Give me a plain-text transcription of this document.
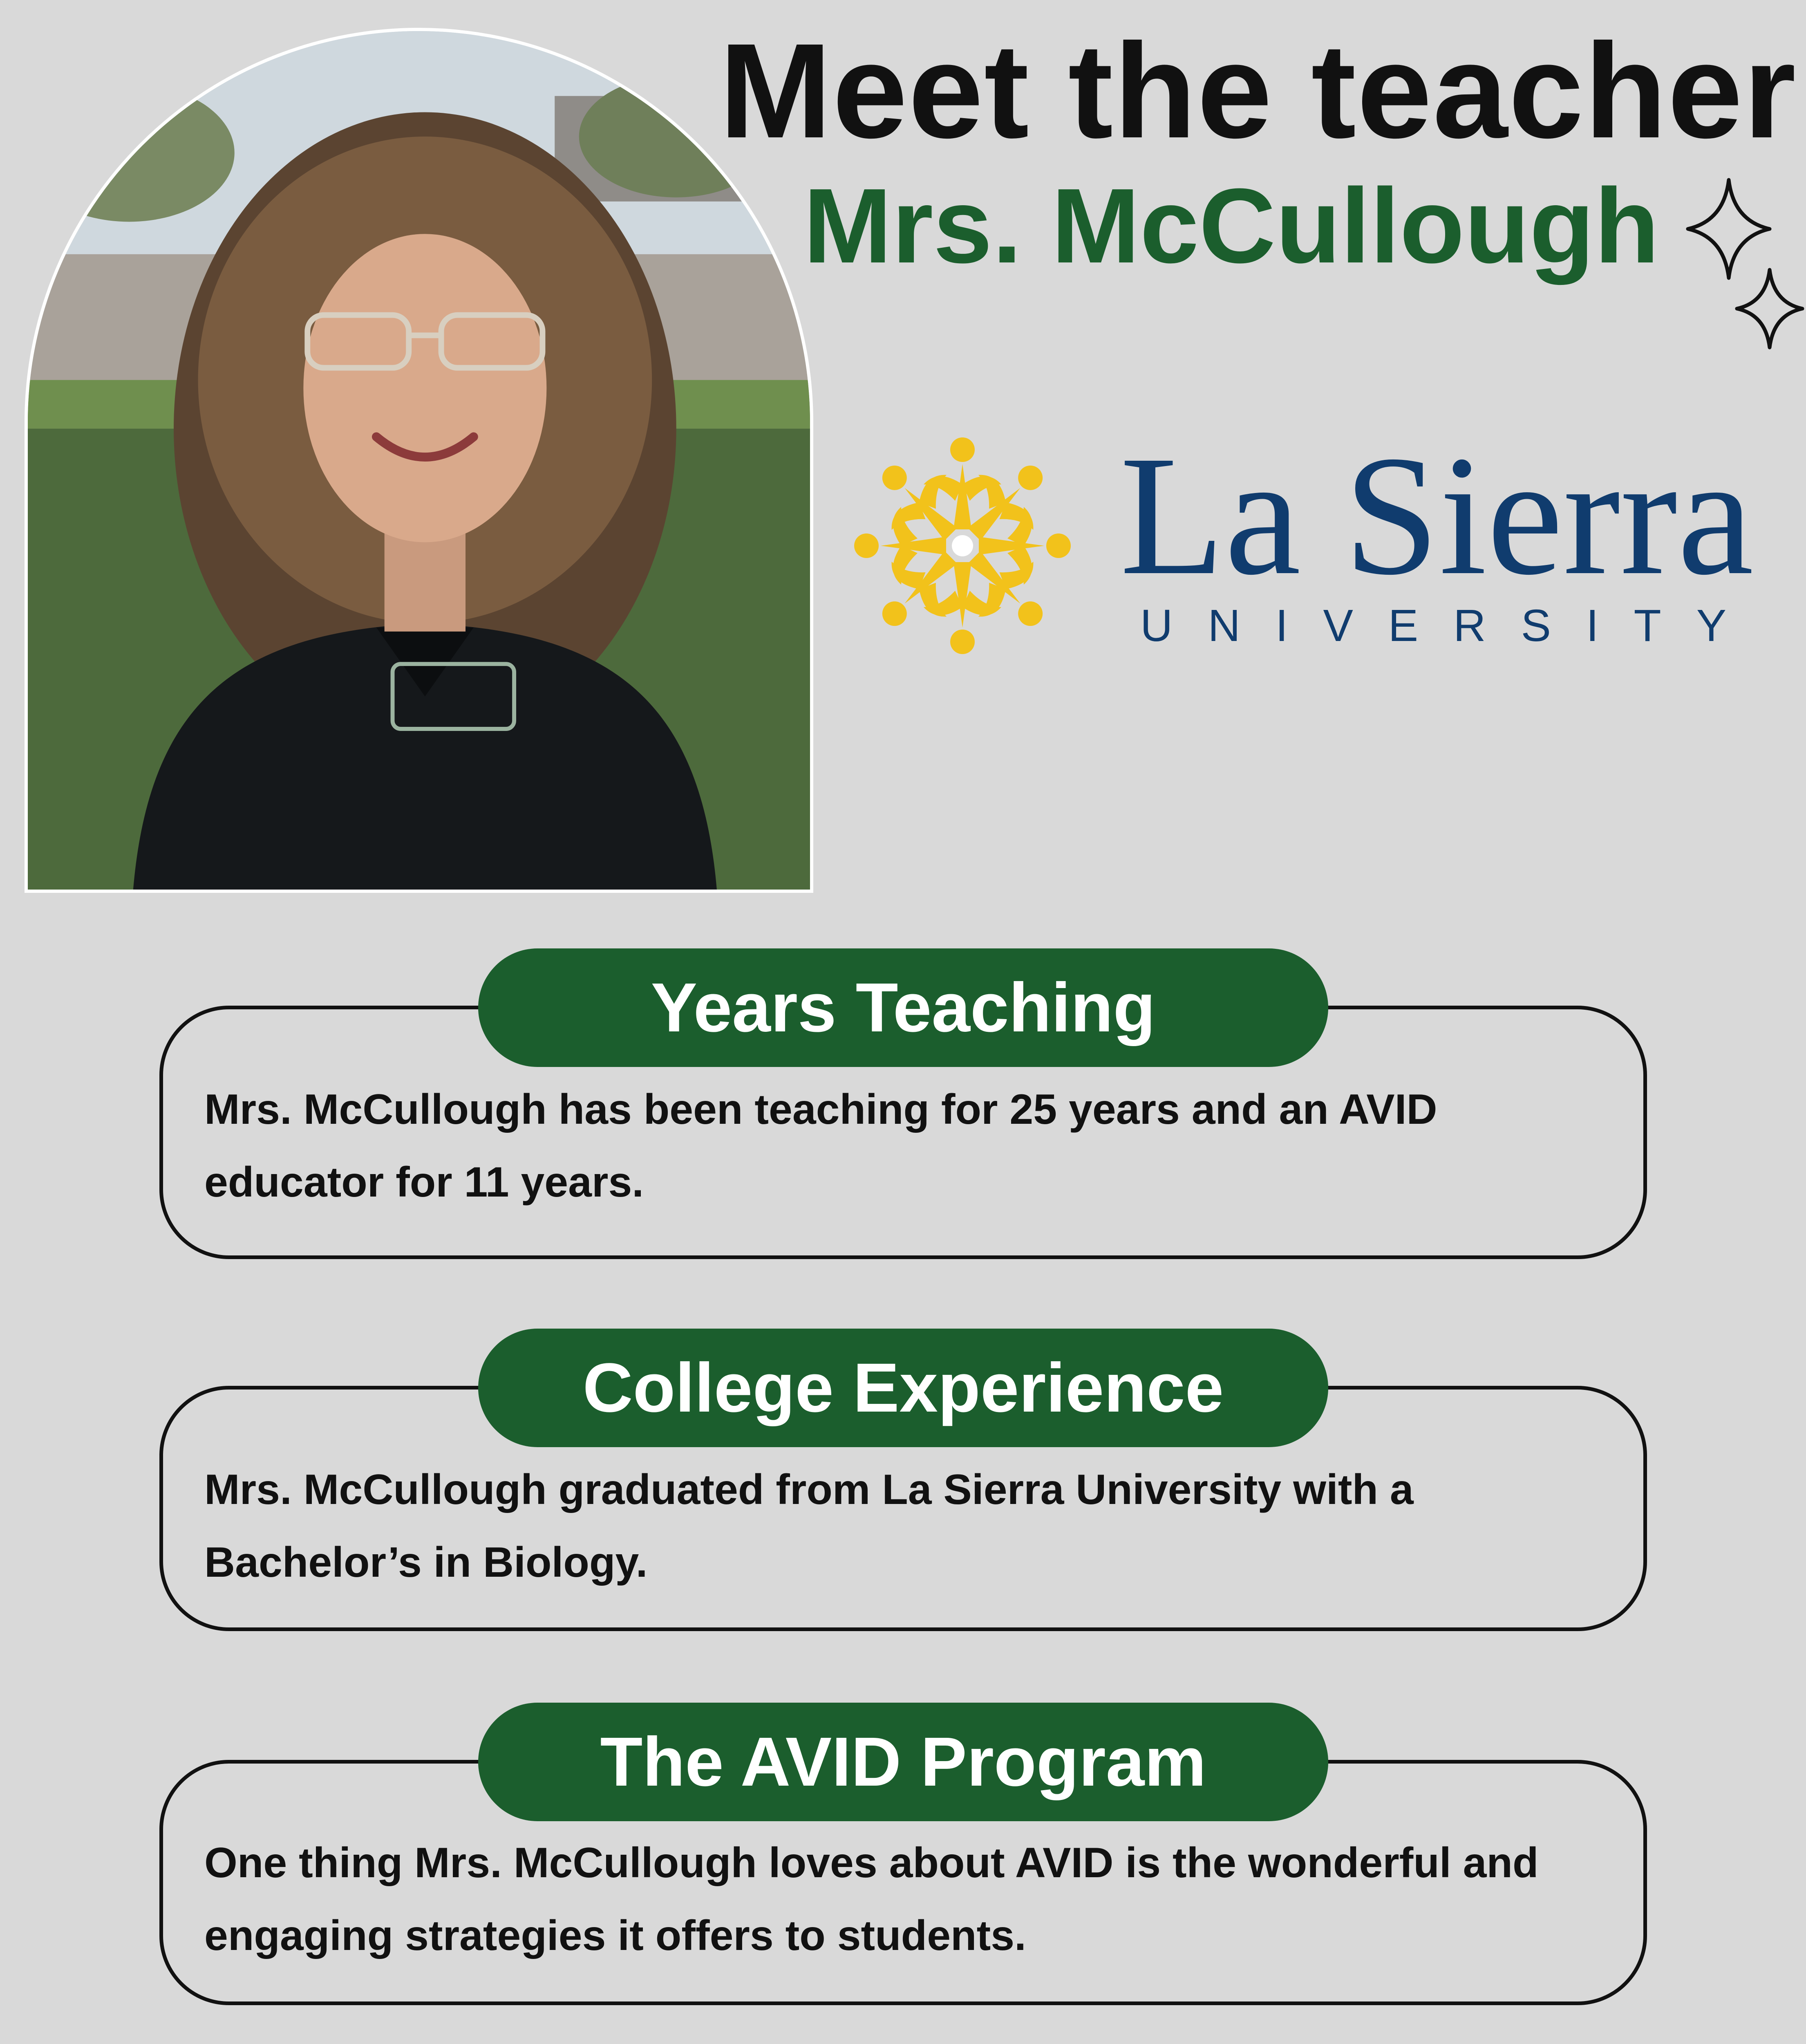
Meet the teacher
Mrs. McCullough
La Sierra
UNIVERSITY
Years Teaching
Mrs. McCullough has been teaching for 25 years and an AVID educator for 11 years.
College Experience
Mrs. McCullough graduated from La Sierra University with a Bachelor’s in Biology.
The AVID Program
One thing Mrs. McCullough loves about AVID is the wonderful and engaging strategies it offers to students.
